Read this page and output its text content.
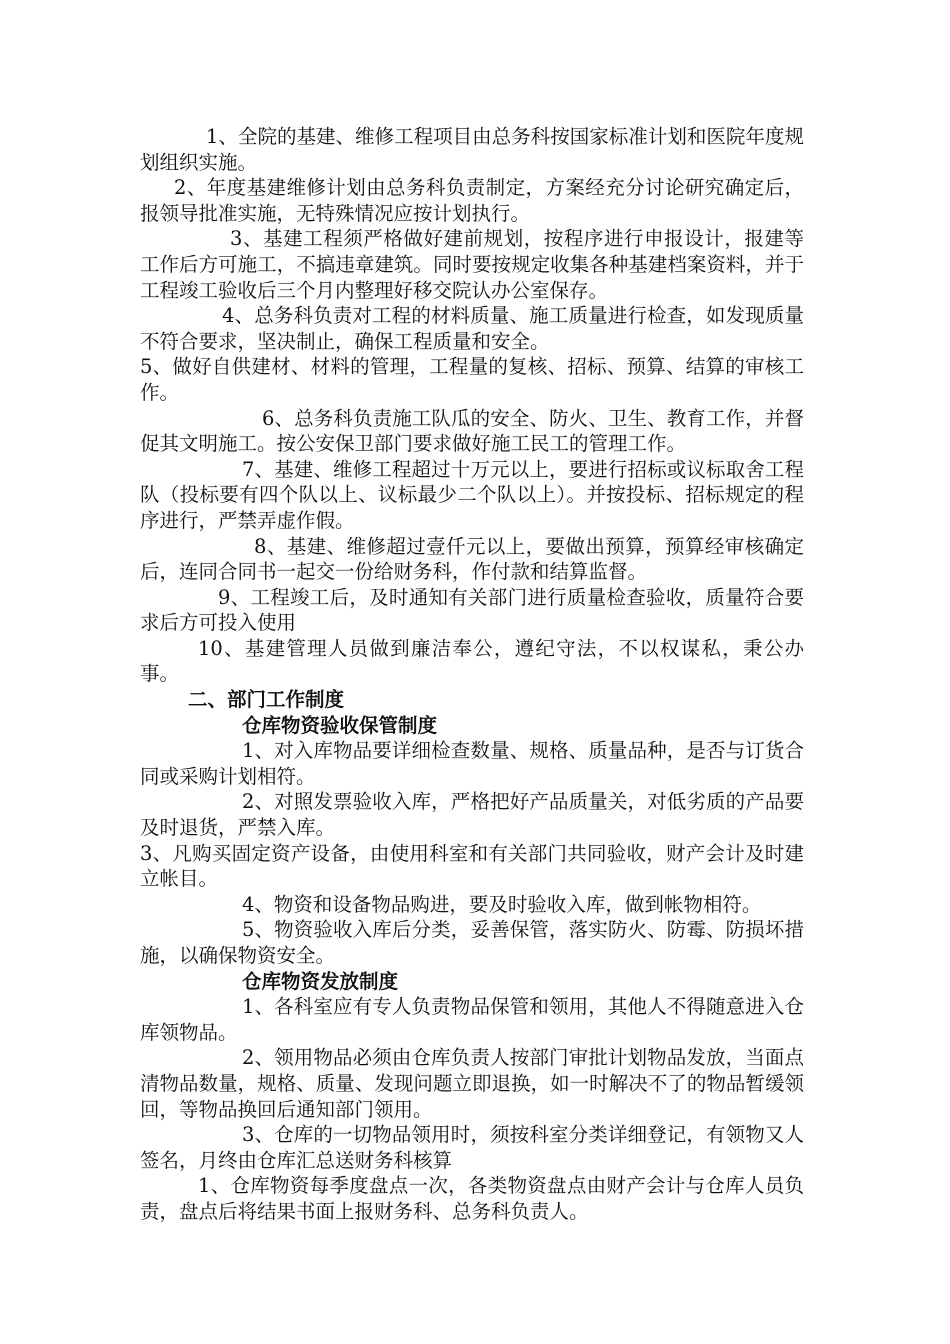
1、全院的基建、维修工程项目由总务科按国家标准计划和医院年度规划组织实施。

2、年度基建维修计划由总务科负责制定，方案经充分讨论研究确定后，报领导批准实施，无特殊情况应按计划执行。

3、基建工程须严格做好建前规划，按程序进行申报设计，报建等工作后方可施工，不搞违章建筑。同时要按规定收集各种基建档案资料，并于工程竣工验收后三个月内整理好移交院认办公室保存。

4、总务科负责对工程的材料质量、施工质量进行检查，如发现质量不符合要求，坚决制止，确保工程质量和安全。

5、做好自供建材、材料的管理，工程量的复核、招标、预算、结算的审核工作。

6、总务科负责施工队瓜的安全、防火、卫生、教育工作，并督促其文明施工。按公安保卫部门要求做好施工民工的管理工作。

7、基建、维修工程超过十万元以上，要进行招标或议标取舍工程队（投标要有四个队以上、议标最少二个队以上）。并按投标、招标规定的程序进行，严禁弄虚作假。

8、基建、维修超过壹仟元以上，要做出预算，预算经审核确定后，连同合同书一起交一份给财务科，作付款和结算监督。

9、工程竣工后，及时通知有关部门进行质量检查验收，质量符合要求后方可投入使用

10、基建管理人员做到廉洁奉公，遵纪守法，不以权谋私，秉公办事。

二、部门工作制度

仓库物资验收保管制度

1、对入库物品要详细检查数量、规格、质量品种，是否与订货合同或采购计划相符。

2、对照发票验收入库，严格把好产品质量关，对低劣质的产品要及时退货，严禁入库。

3、凡购买固定资产设备，由使用科室和有关部门共同验收，财产会计及时建立帐目。

4、物资和设备物品购进，要及时验收入库，做到帐物相符。

5、物资验收入库后分类，妥善保管，落实防火、防霉、防损坏措施，以确保物资安全。

仓库物资发放制度

1、各科室应有专人负责物品保管和领用，其他人不得随意进入仓库领物品。

2、领用物品必须由仓库负责人按部门审批计划物品发放，当面点清物品数量，规格、质量、发现问题立即退换，如一时解决不了的物品暂缓领回，等物品换回后通知部门领用。

3、仓库的一切物品领用时，须按科室分类详细登记，有领物又人签名，月终由仓库汇总送财务科核算

1、仓库物资每季度盘点一次，各类物资盘点由财产会计与仓库人员负责，盘点后将结果书面上报财务科、总务科负责人。
